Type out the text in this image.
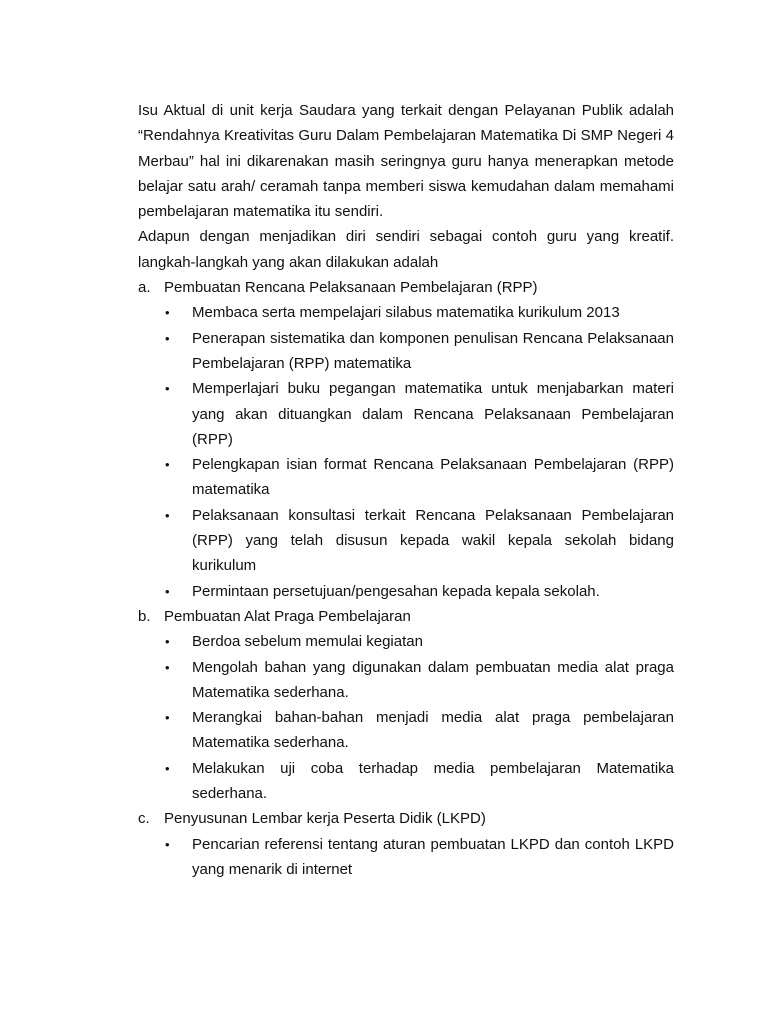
Isu Aktual di unit kerja Saudara yang terkait dengan Pelayanan Publik adalah “Rendahnya Kreativitas Guru Dalam Pembelajaran Matematika Di SMP Negeri 4 Merbau” hal ini dikarenakan masih seringnya guru hanya menerapkan metode belajar satu arah/ ceramah tanpa memberi siswa kemudahan dalam memahami pembelajaran matematika itu sendiri.

Adapun dengan menjadikan diri sendiri sebagai contoh guru yang kreatif. langkah-langkah yang akan dilakukan adalah

a. Pembuatan Rencana Pelaksanaan Pembelajaran (RPP)
•	Membaca serta mempelajari silabus matematika kurikulum 2013
•	Penerapan sistematika dan komponen penulisan Rencana Pelaksanaan Pembelajaran (RPP) matematika
•	Memperlajari buku pegangan matematika untuk menjabarkan materi yang akan dituangkan dalam Rencana Pelaksanaan Pembelajaran (RPP)
•	Pelengkapan isian format Rencana Pelaksanaan Pembelajaran (RPP) matematika
•	Pelaksanaan konsultasi terkait Rencana Pelaksanaan Pembelajaran (RPP) yang telah disusun kepada wakil kepala sekolah bidang kurikulum
•	Permintaan persetujuan/pengesahan kepada kepala sekolah.
b. Pembuatan Alat Praga Pembelajaran
•	Berdoa sebelum memulai kegiatan
•	Mengolah bahan yang digunakan dalam pembuatan media alat praga Matematika sederhana.
•	Merangkai bahan-bahan menjadi media alat praga pembelajaran Matematika sederhana.
•	Melakukan uji coba terhadap media pembelajaran Matematika sederhana.
c. Penyusunan Lembar kerja Peserta Didik (LKPD)
•	Pencarian referensi tentang aturan pembuatan LKPD dan contoh LKPD yang menarik di internet
